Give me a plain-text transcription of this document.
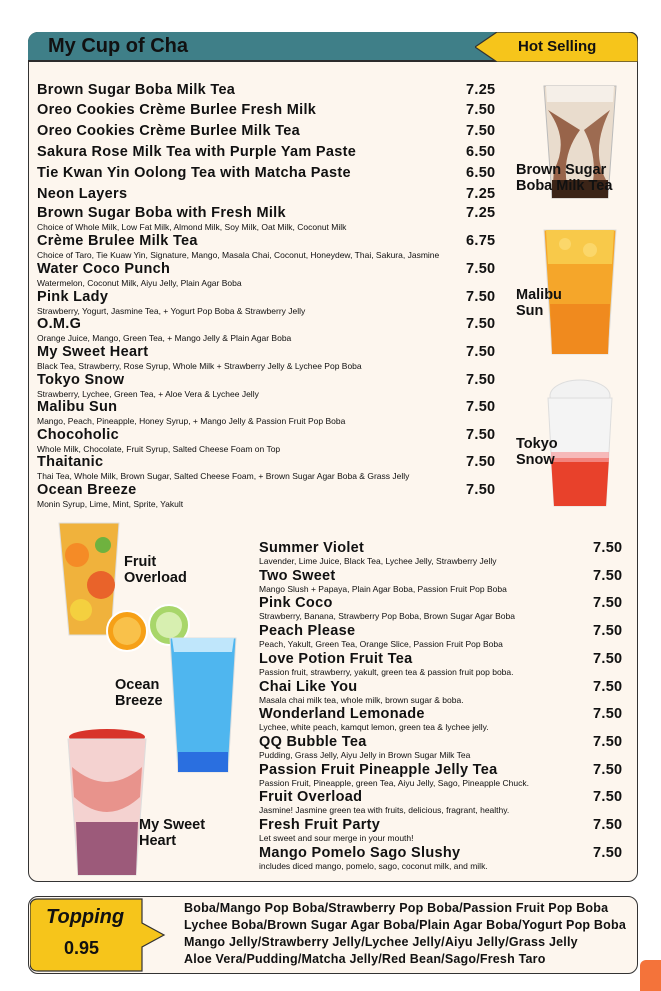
My Cup of Cha	Hot Selling
Brown Sugar Boba Milk Tea	7.25
Oreo Cookies Crème Burlee Fresh Milk	7.50
Oreo Cookies Crème Burlee Milk Tea	7.50
Sakura Rose Milk Tea with Purple Yam Paste	6.50
Tie Kwan Yin Oolong Tea with Matcha Paste	6.50
Neon Layers	7.25
Brown Sugar Boba with Fresh Milk	7.25
Choice of Whole Milk, Low Fat Milk, Almond Milk, Soy Milk, Oat Milk, Coconut Milk
Crème Brulee Milk Tea	6.75
Choice of Taro, Tie Kuaw Yin, Signature, Mango, Masala Chai, Coconut, Honeydew, Thai, Sakura, Jasmine
Water Coco Punch	7.50
Watermelon, Coconut Milk, Aiyu Jelly, Plain Agar Boba
Pink Lady	7.50
Strawberry, Yogurt, Jasmine Tea, + Yogurt Pop Boba & Strawberry Jelly
O.M.G	7.50
Orange Juice, Mango, Green Tea, + Mango Jelly & Plain Agar Boba
My Sweet Heart	7.50
Black Tea, Strawberry, Rose Syrup, Whole Milk + Strawberry Jelly & Lychee Pop Boba
Tokyo Snow	7.50
Strawberry, Lychee, Green Tea, + Aloe Vera & Lychee Jelly
Malibu Sun	7.50
Mango, Peach, Pineapple, Honey Syrup, + Mango Jelly & Passion Fruit Pop Boba
Chocoholic	7.50
Whole Milk, Chocolate, Fruit Syrup, Salted Cheese Foam on Top
Thaitanic	7.50
Thai Tea, Whole Milk, Brown Sugar, Salted Cheese Foam, + Brown Sugar Agar Boba & Grass Jelly
Ocean Breeze	7.50
Monin Syrup, Lime, Mint, Sprite, Yakult
Summer Violet	7.50
Lavender, Lime Juice, Black Tea, Lychee Jelly, Strawberry Jelly
Two Sweet	7.50
Mango Slush + Papaya, Plain Agar Boba, Passion Fruit Pop Boba
Pink Coco	7.50
Strawberry, Banana, Strawberry Pop Boba, Brown Sugar Agar Boba
Peach Please	7.50
Peach, Yakult, Green Tea, Orange Slice, Passion Fruit Pop Boba
Love Potion Fruit Tea	7.50
Passion fruit, strawberry, yakult, green tea & passion fruit pop boba.
Chai Like You	7.50
Masala chai milk tea, whole milk, brown sugar & boba.
Wonderland Lemonade	7.50
Lychee, white peach, kamqut lemon, green tea & lychee jelly.
QQ Bubble Tea	7.50
Pudding, Grass Jelly, Aiyu Jelly in Brown Sugar Milk Tea
Passion Fruit Pineapple Jelly Tea	7.50
Passion Fruit, Pineapple, green Tea, Aiyu Jelly, Sago, Pineapple Chuck.
Fruit Overload	7.50
Jasmine! Jasmine green tea with fruits, delicious, fragrant, healthy.
Fresh Fruit Party	7.50
Let sweet and sour merge in your mouth!
Mango Pomelo Sago Slushy	7.50
includes diced mango, pomelo, sago, coconut milk, and milk.
Brown Sugar
Boba Milk Tea
Malibu
Sun
Tokyo
Snow
Fruit
Overload
Ocean
Breeze
My Sweet
Heart
Topping
0.95
Boba/Mango Pop Boba/Strawberry Pop Boba/Passion Fruit Pop Boba
Lychee Boba/Brown Sugar Agar Boba/Plain Agar Boba/Yogurt Pop Boba
Mango Jelly/Strawberry Jelly/Lychee Jelly/Aiyu Jelly/Grass Jelly
Aloe Vera/Pudding/Matcha Jelly/Red Bean/Sago/Fresh Taro
